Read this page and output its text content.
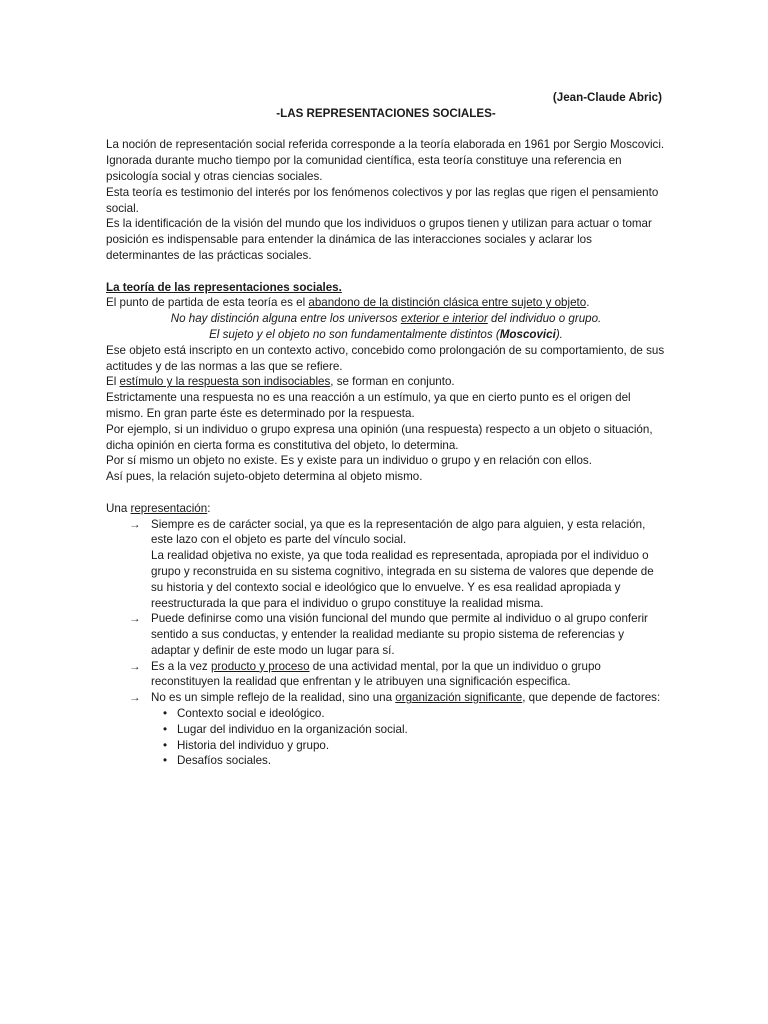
(Jean-Claude Abric)
-LAS REPRESENTACIONES SOCIALES-

La noción de representación social referida corresponde a la teoría elaborada en 1961 por Sergio Moscovici.

Ignorada durante mucho tiempo por la comunidad científica, esta teoría constituye una referencia en psicología social y otras ciencias sociales.

Esta teoría es testimonio del interés por los fenómenos colectivos y por las reglas que rigen el pensamiento social.

Es la identificación de la visión del mundo que los individuos o grupos tienen y utilizan para actuar o tomar posición es indispensable para entender la dinámica de las interacciones sociales y aclarar los determinantes de las prácticas sociales.

La teoría de las representaciones sociales.

El punto de partida de esta teoría es el abandono de la distinción clásica entre sujeto y objeto.

No hay distinción alguna entre los universos exterior e interior del individuo o grupo.

El sujeto y el objeto no son fundamentalmente distintos (Moscovici).

Ese objeto está inscripto en un contexto activo, concebido como prolongación de su comportamiento, de sus actitudes y de las normas a las que se refiere.

El estímulo y la respuesta son indisociables, se forman en conjunto.

Estrictamente una respuesta no es una reacción a un estímulo, ya que en cierto punto es el origen del mismo. En gran parte éste es determinado por la respuesta.

Por ejemplo, si un individuo o grupo expresa una opinión (una respuesta) respecto a un objeto o situación, dicha opinión en cierta forma es constitutiva del objeto, lo determina.

Por sí mismo un objeto no existe. Es y existe para un individuo o grupo y en relación con ellos.

Así pues, la relación sujeto-objeto determina al objeto mismo.

Una representación:

→ Siempre es de carácter social, ya que es la representación de algo para alguien, y esta relación, este lazo con el objeto es parte del vínculo social.

La realidad objetiva no existe, ya que toda realidad es representada, apropiada por el individuo o grupo y reconstruida en su sistema cognitivo, integrada en su sistema de valores que depende de su historia y del contexto social e ideológico que lo envuelve. Y es esa realidad apropiada y reestructurada la que para el individuo o grupo constituye la realidad misma.

→ Puede definirse como una visión funcional del mundo que permite al individuo o al grupo conferir sentido a sus conductas, y entender la realidad mediante su propio sistema de referencias y adaptar y definir de este modo un lugar para sí.

→ Es a la vez producto y proceso de una actividad mental, por la que un individuo o grupo reconstituyen la realidad que enfrentan y le atribuyen una significación especifica.

→ No es un simple reflejo de la realidad, sino una organización significante, que depende de factores:

• Contexto social e ideológico.
• Lugar del individuo en la organización social.
• Historia del individuo y grupo.
• Desafíos sociales.
